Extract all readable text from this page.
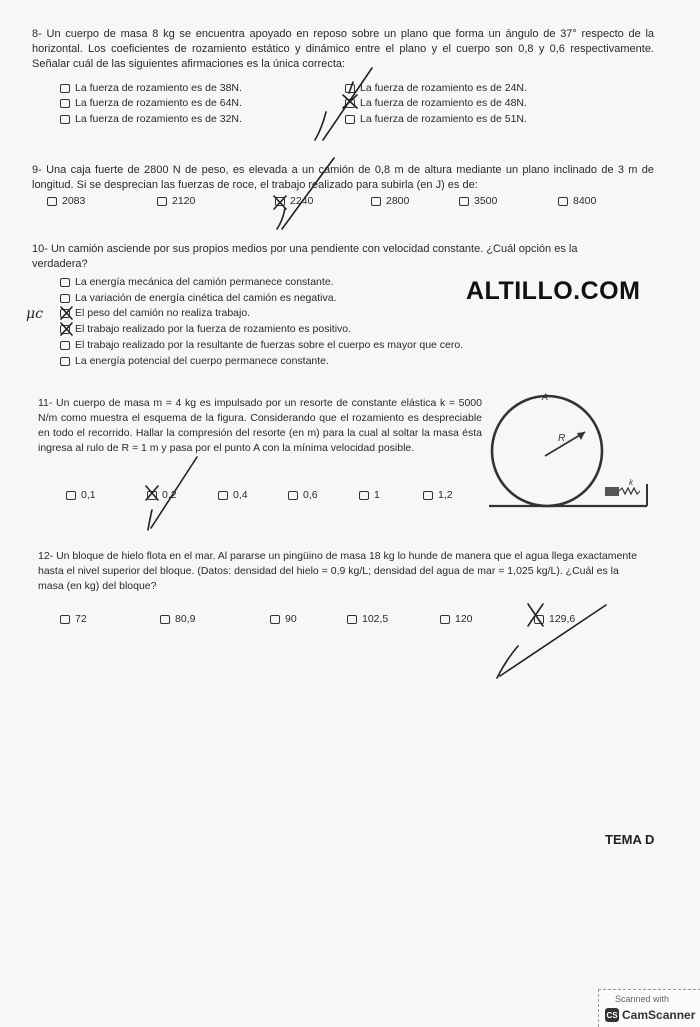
8- Un cuerpo de masa 8 kg se encuentra apoyado en reposo sobre un plano que forma un ángulo de 37° respecto de la horizontal. Los coeficientes de rozamiento estático y dinámico entre el plano y el cuerpo son 0,8 y 0,6 respectivamente. Señalar cuál de las siguientes afirmaciones es la única correcta:
La fuerza de rozamiento es de 38N.	La fuerza de rozamiento es de 24N.
La fuerza de rozamiento es de 64N.	La fuerza de rozamiento es de 48N.
La fuerza de rozamiento es de 32N.	La fuerza de rozamiento es de 51N.
9- Una caja fuerte de 2800 N de peso, es elevada a un camión de 0,8 m de altura mediante un plano inclinado de 3 m de longitud. Si se desprecian las fuerzas de roce, el trabajo realizado para subirla (en J) es de:
2083	2120	2240	2800	3500	8400
10- Un camión asciende por sus propios medios por una pendiente con velocidad constante. ¿Cuál opción es la verdadera?
La energía mecánica del camión permanece constante.
La variación de energía cinética del camión es negativa.
El peso del camión no realiza trabajo.
El trabajo realizado por la fuerza de rozamiento es positivo.
El trabajo realizado por la resultante de fuerzas sobre el cuerpo es mayor que cero.
La energía potencial del cuerpo permanece constante.
ALTILLO.COM
11- Un cuerpo de masa m = 4 kg es impulsado por un resorte de constante elástica k = 5000 N/m como muestra el esquema de la figura. Considerando que el rozamiento es despreciable en todo el recorrido. Hallar la compresión del resorte (en m) para la cual al soltar la masa ésta ingresa al rulo de R = 1 m y pasa por el punto A con la mínima velocidad posible.
0,1	0,2	0,4	0,6	1	1,2
A
R
k
12- Un bloque de hielo flota en el mar. Al pararse un pingüino de masa 18 kg lo hunde de manera que el agua llega exactamente hasta el nivel superior del bloque. (Datos: densidad del hielo = 0,9 kg/L; densidad del agua de mar = 1,025 kg/L). ¿Cuál es la masa (en kg) del bloque?
72	80,9	90	102,5	120	129,6
TEMA D
μc
Scanned with
CS CamScanner
